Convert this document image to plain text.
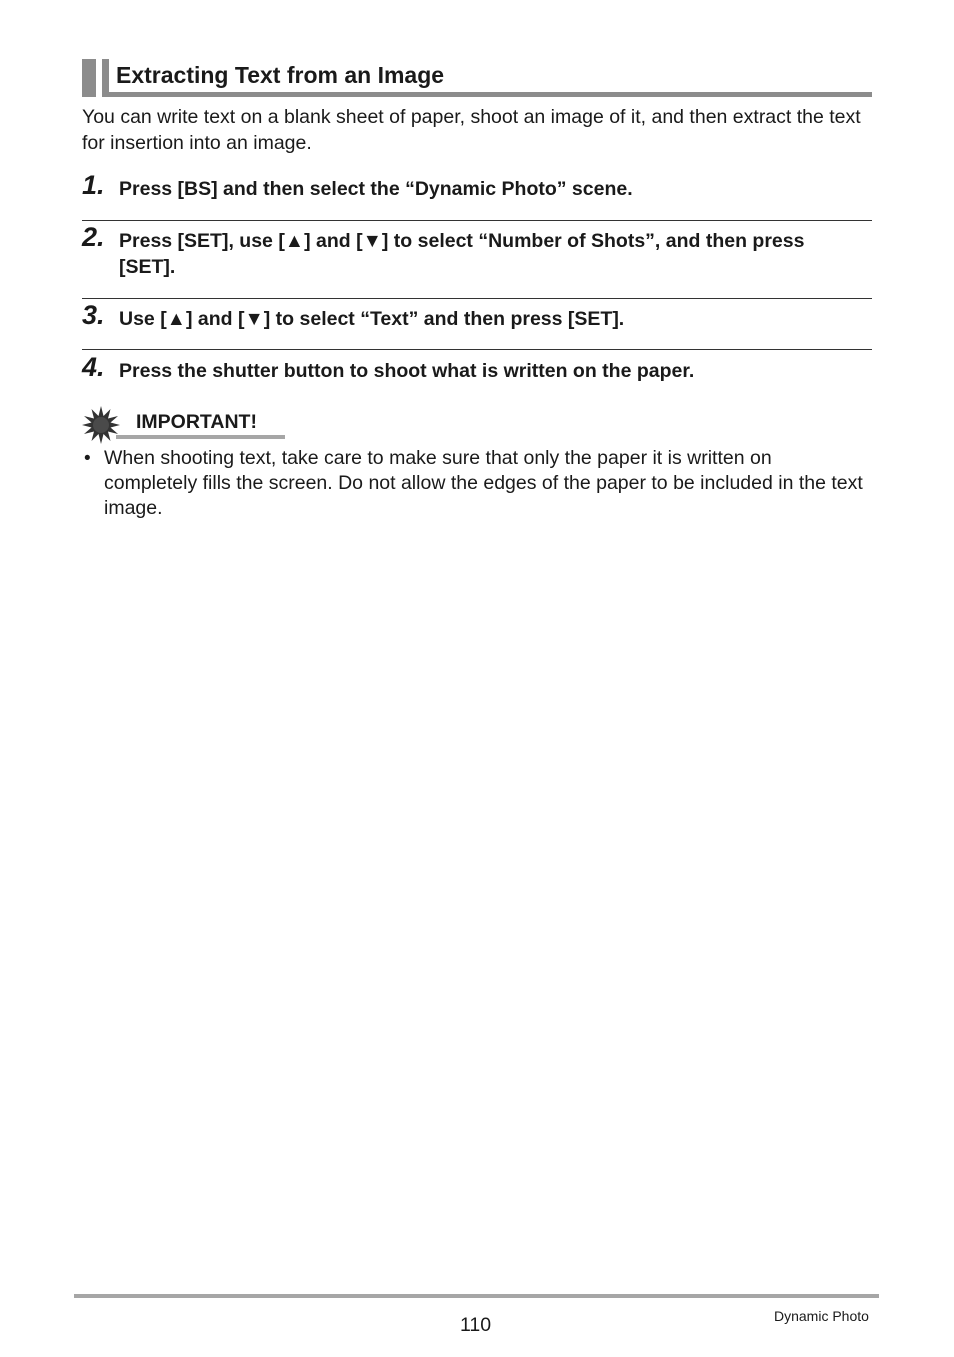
Extracting Text from an Image
You can write text on a blank sheet of paper, shoot an image of it, and then extract the text for insertion into an image.
1. Press [BS] and then select the “Dynamic Photo” scene.
2. Press [SET], use [▲] and [▼] to select “Number of Shots”, and then press [SET].
3. Use [▲] and [▼] to select “Text” and then press [SET].
4. Press the shutter button to shoot what is written on the paper.
IMPORTANT!
• When shooting text, take care to make sure that only the paper it is written on completely fills the screen. Do not allow the edges of the paper to be included in the text image.
110	Dynamic Photo
